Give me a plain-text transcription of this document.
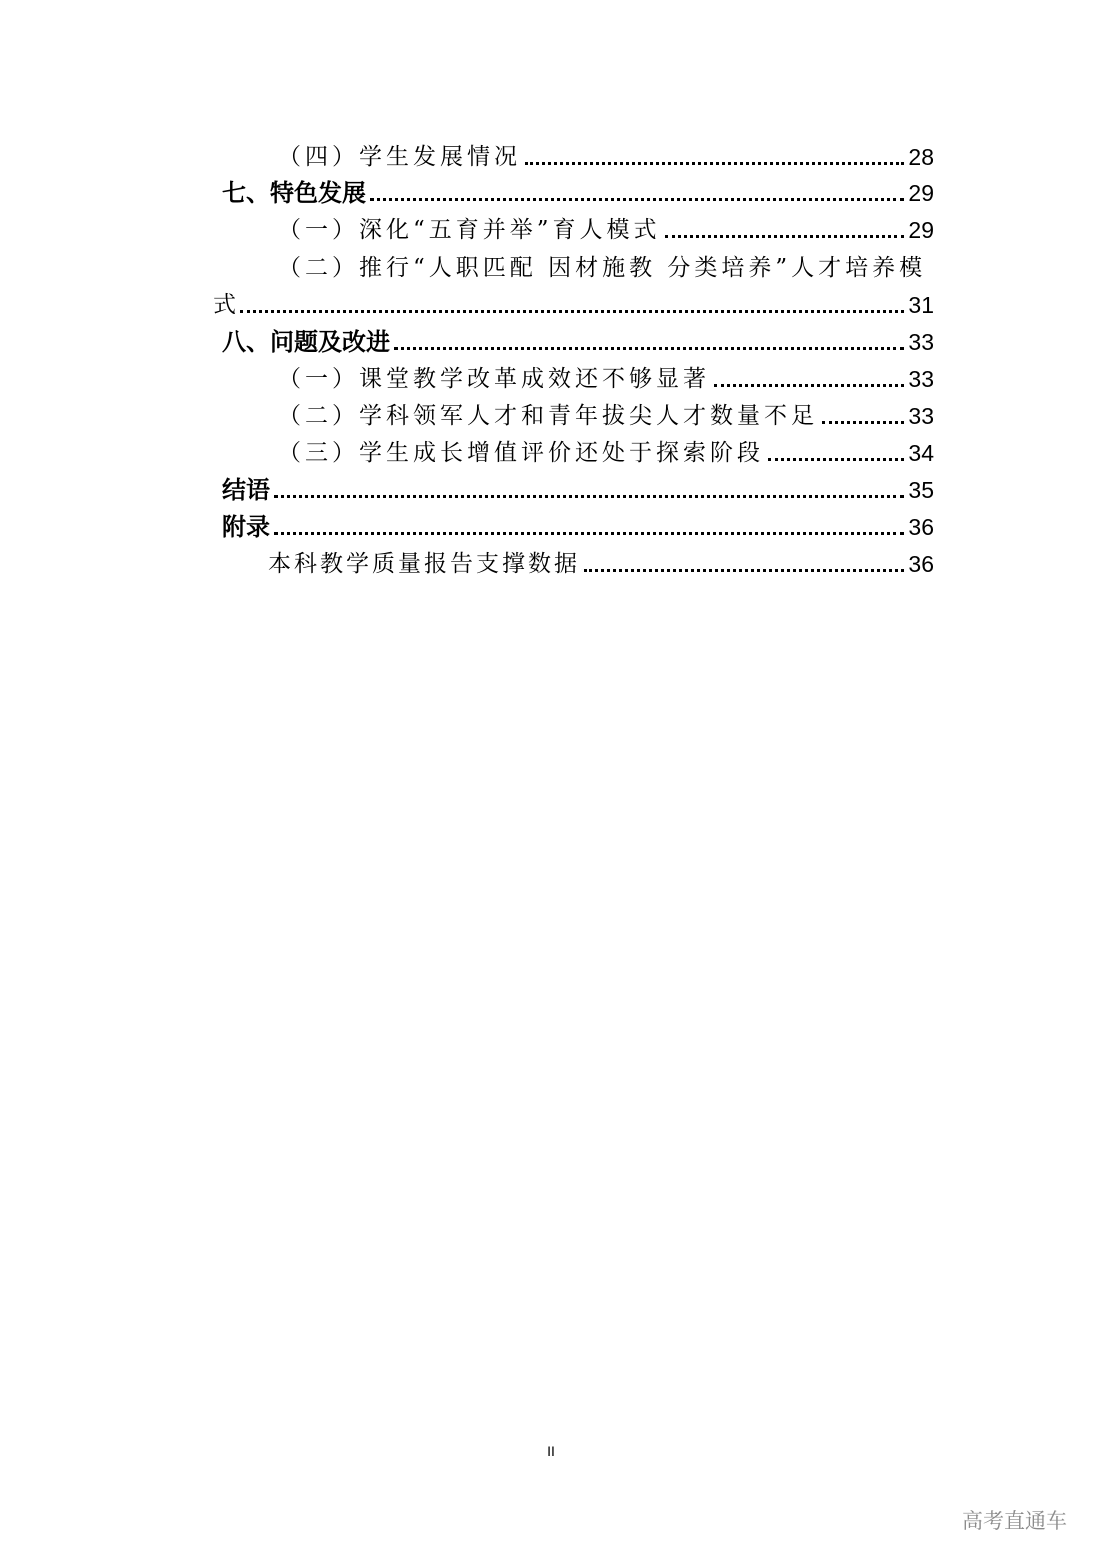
（四）学生发展情况	28
七、特色发展	29
（一）深化“五育并举”育人模式	29
（二）推行“人职匹配 因材施教 分类培养”人才培养模
式	31
八、问题及改进	33
（一）课堂教学改革成效还不够显著	33
（二）学科领军人才和青年拔尖人才数量不足	33
（三）学生成长增值评价还处于探索阶段	34
结语	35
附录	36
本科教学质量报告支撑数据	36
II
高考直通车
